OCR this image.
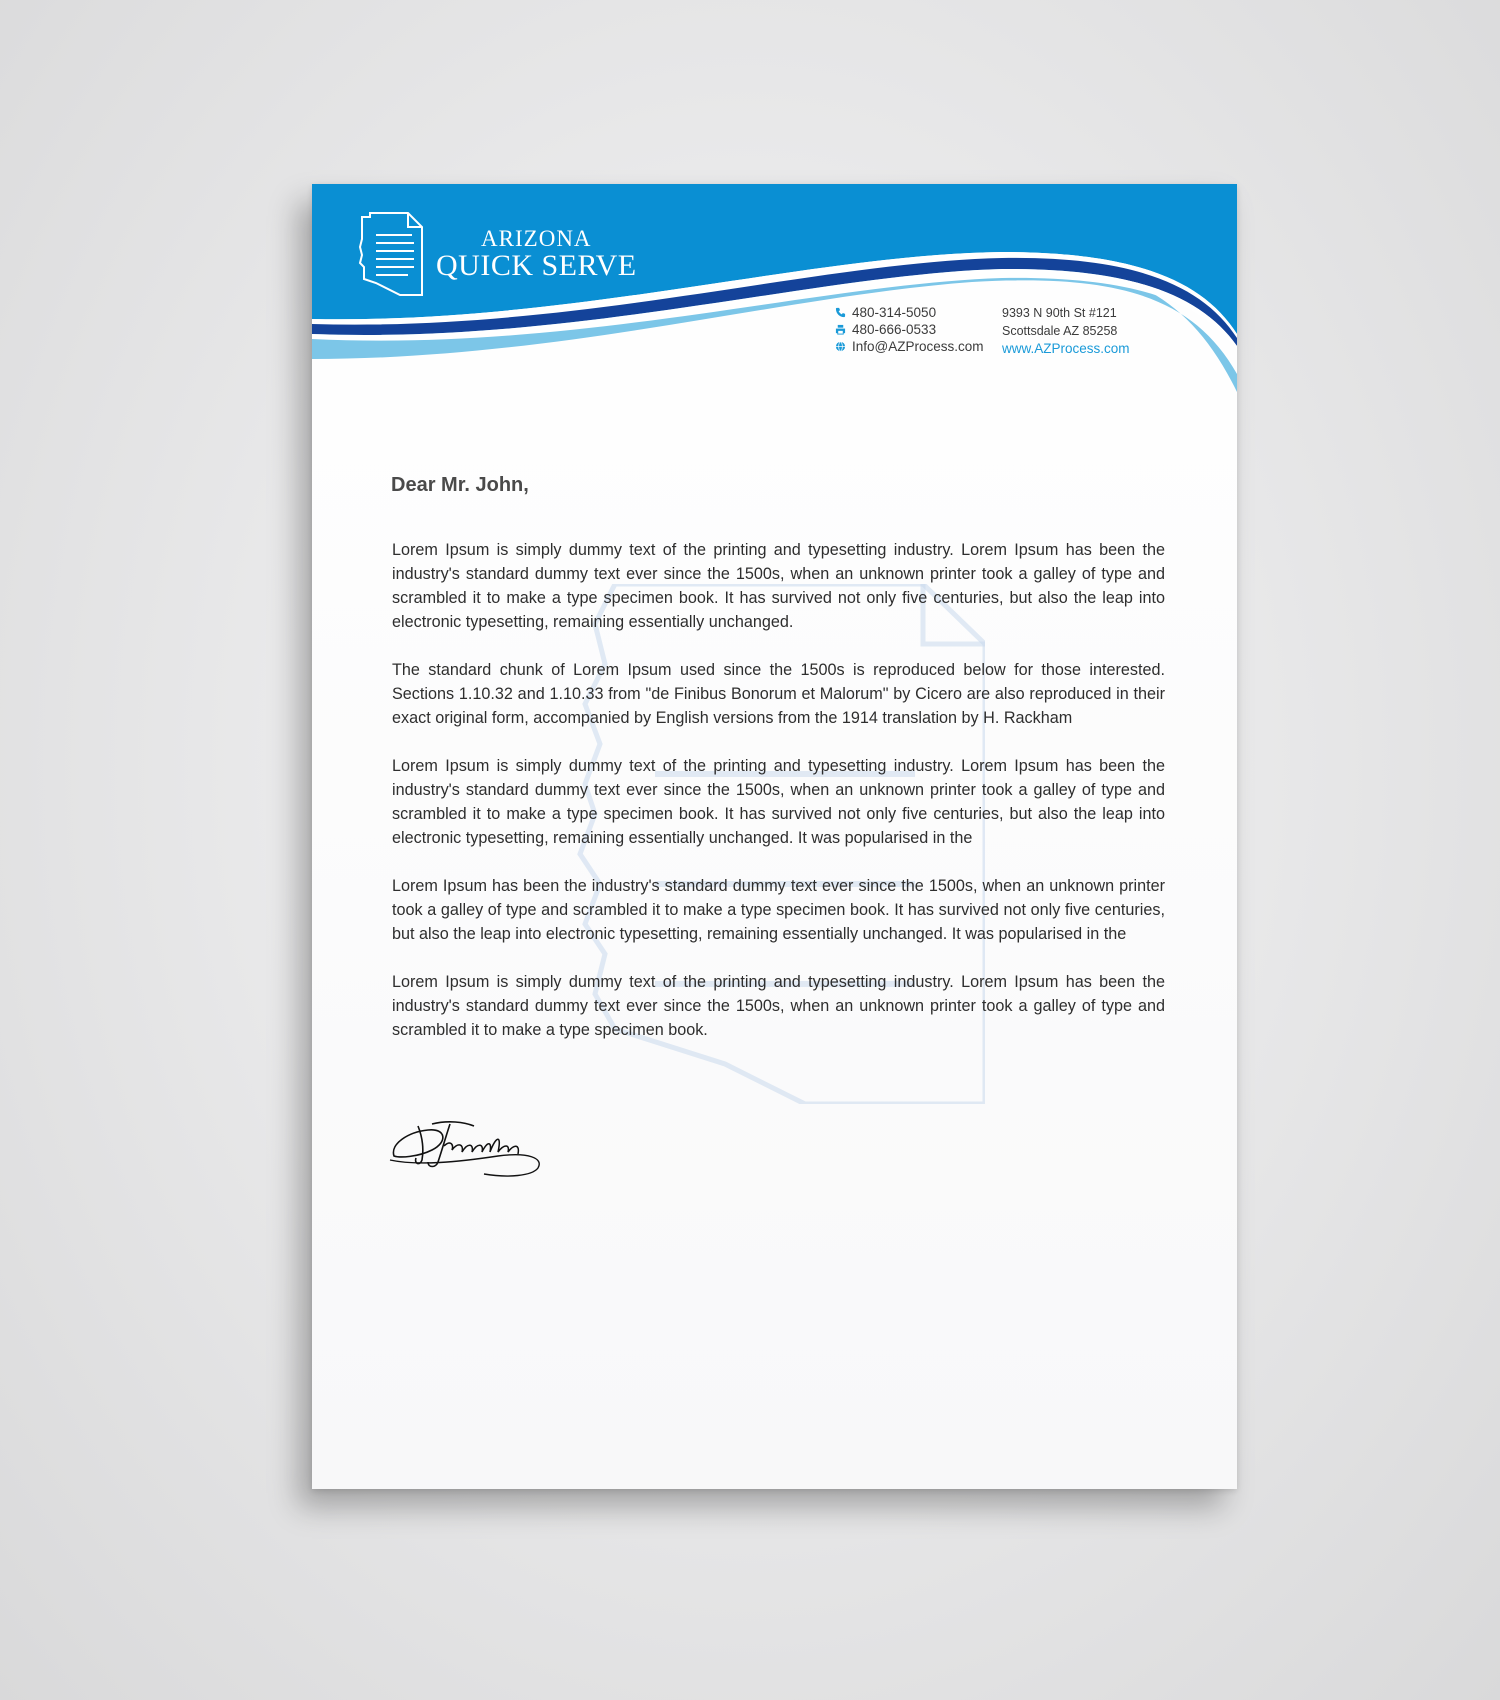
ARIZONA
QUICK SERVE
480-314-5050
480-666-0533
Info@AZProcess.com
9393 N 90th St #121
Scottsdale AZ 85258
www.AZProcess.com
Dear Mr. John,

Lorem Ipsum is simply dummy text of the printing and typesetting industry. Lorem Ipsum has been the industry's standard dummy text ever since the 1500s, when an unknown printer took a galley of type and scrambled it to make a type specimen book. It has survived not only five centuries, but also the leap into electronic typesetting, remaining essentially unchanged.

The standard chunk of Lorem Ipsum used since the 1500s is reproduced below for those interested. Sections 1.10.32 and 1.10.33 from "de Finibus Bonorum et Malorum" by Cicero are also reproduced in their exact original form, accompanied by English versions from the 1914 translation by H. Rackham

Lorem Ipsum is simply dummy text of the printing and typesetting industry. Lorem Ipsum has been the industry's standard dummy text ever since the 1500s, when an unknown printer took a galley of type and scrambled it to make a type specimen book. It has survived not only five centuries, but also the leap into electronic typesetting, remaining essentially unchanged. It was popularised in the

Lorem Ipsum has been the industry's standard dummy text ever since the 1500s, when an unknown printer took a galley of type and scrambled it to make a type specimen book. It has survived not only five centuries, but also the leap into electronic typesetting, remaining essentially unchanged. It was popularised in the

Lorem Ipsum is simply dummy text of the printing and typesetting industry. Lorem Ipsum has been the industry's standard dummy text ever since the 1500s, when an unknown printer took a galley of type and scrambled it to make a type specimen book.
